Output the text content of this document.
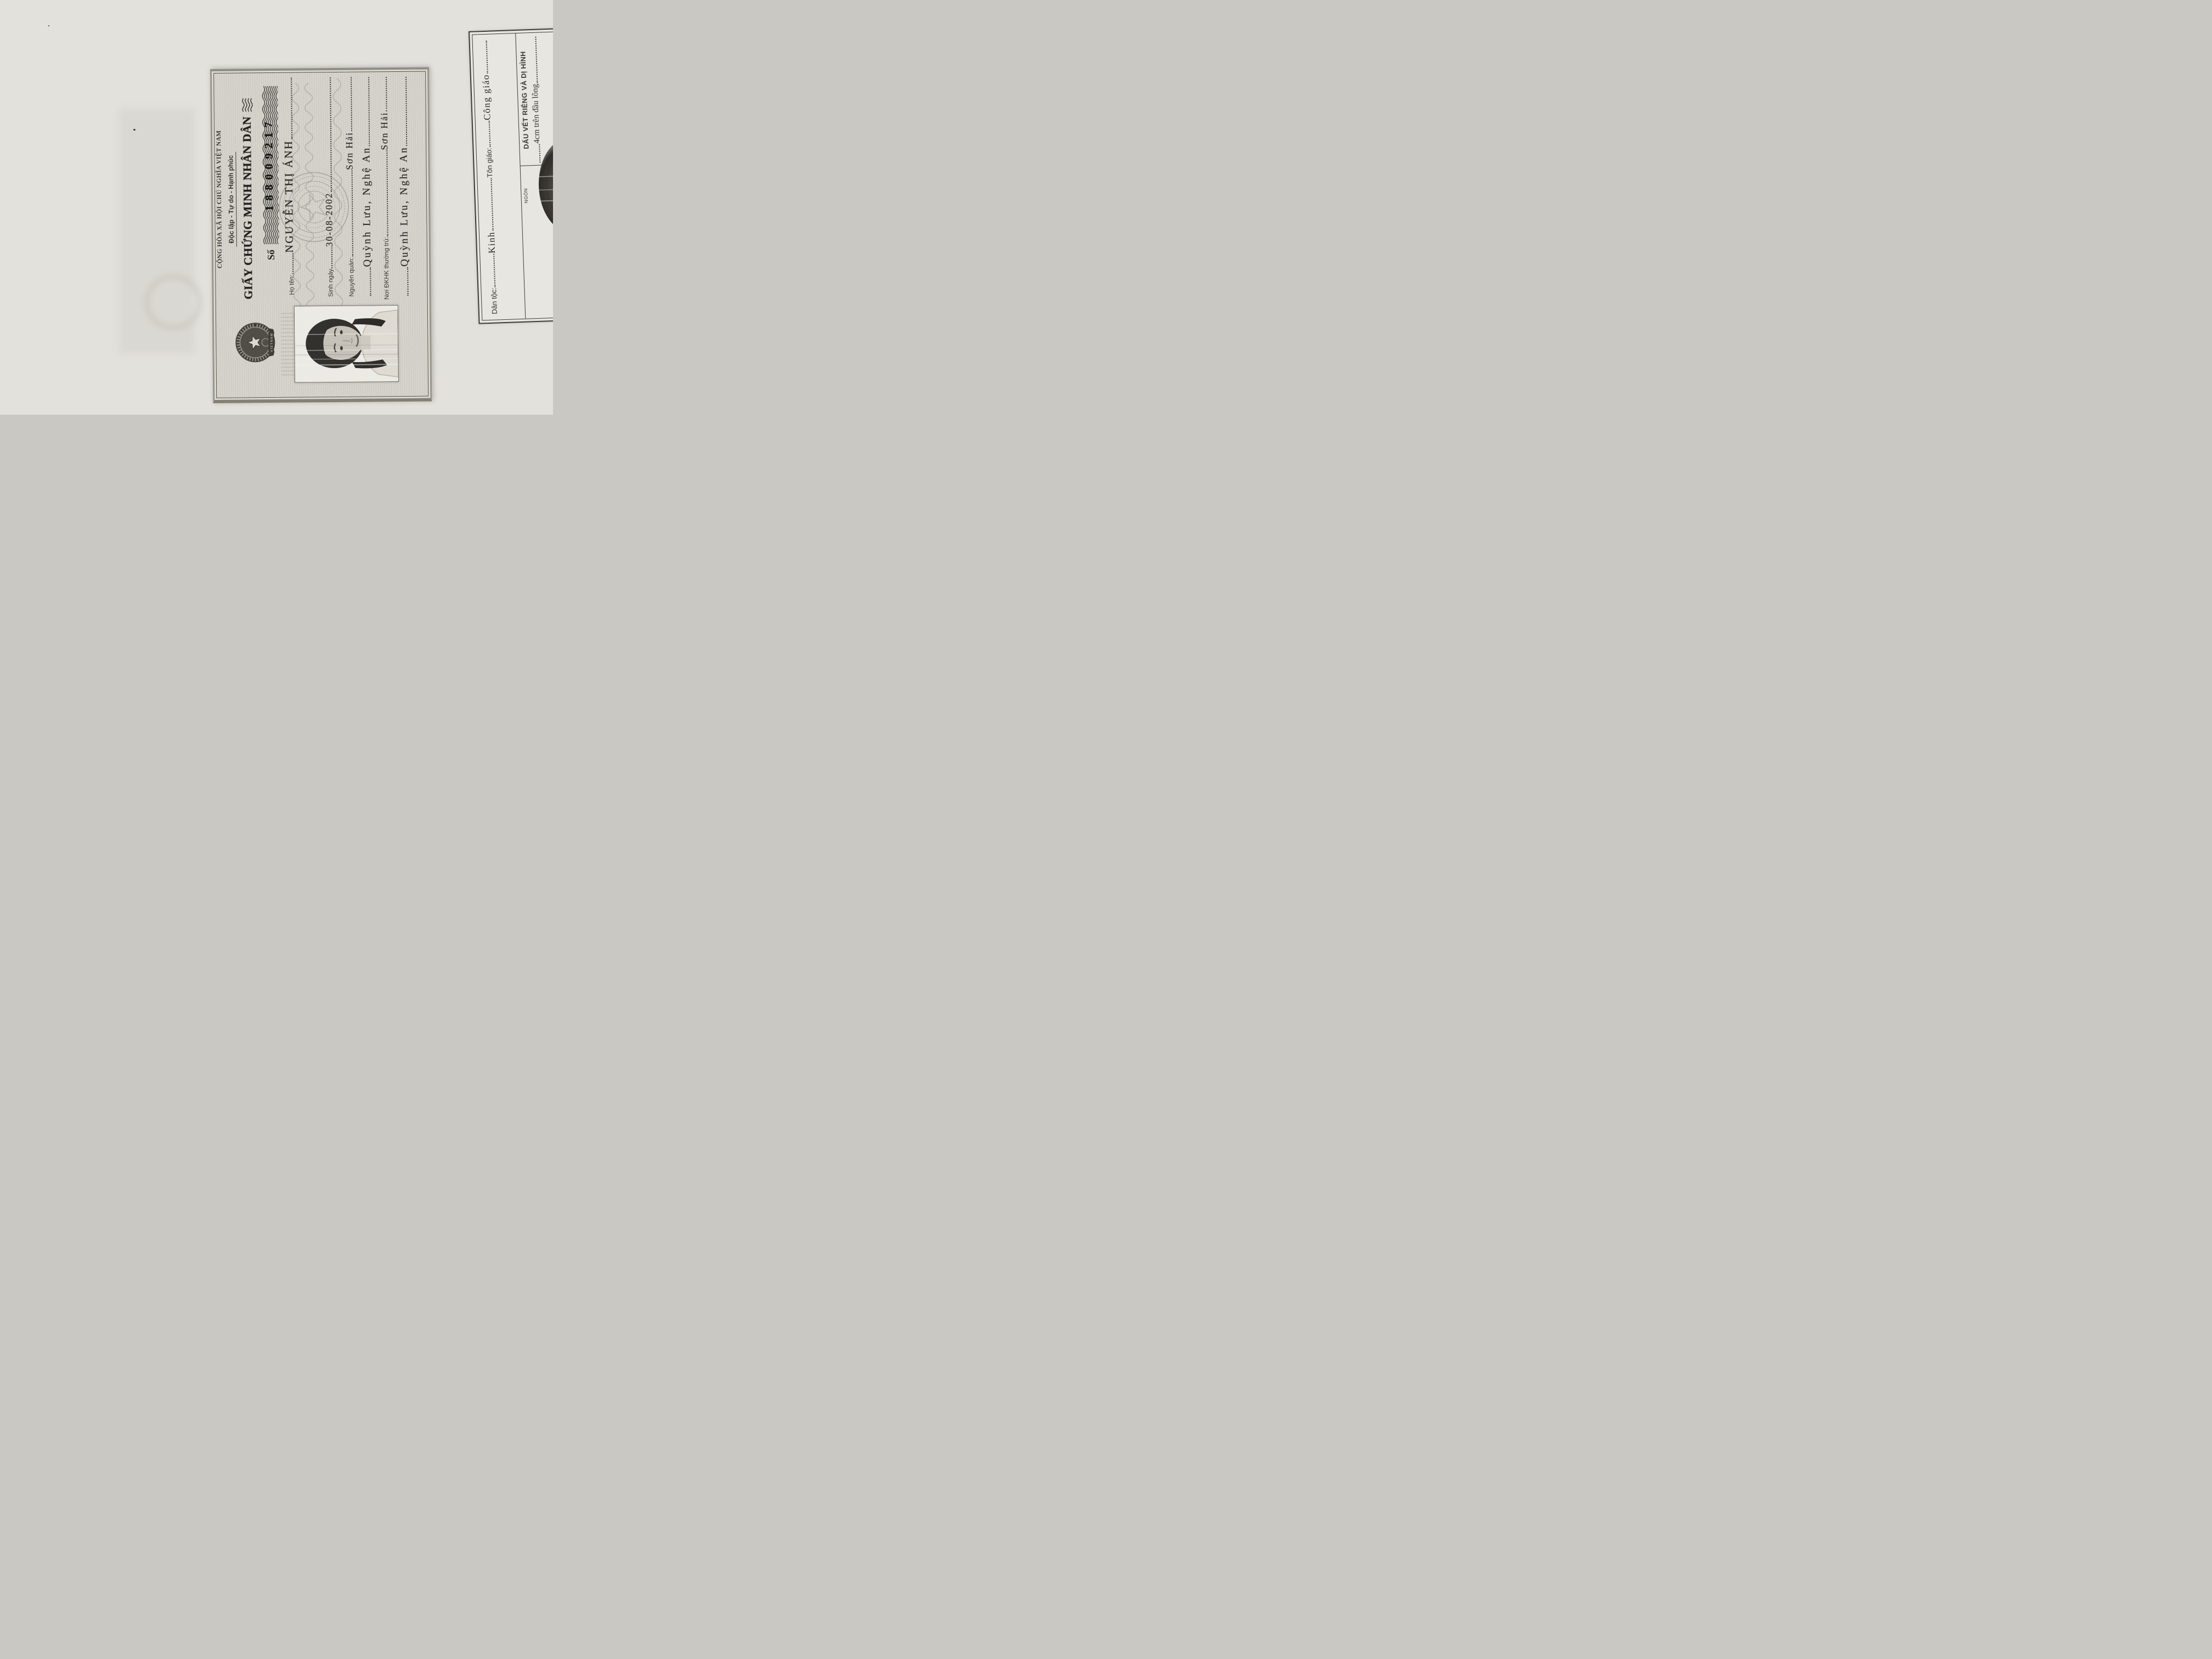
VIETNAM
CỘNG HÒA XÃ HỘI CHỦ NGHĨA VIỆT NAM Độc lập - Tự do - Hạnh phúc GIẤY CHỨNG MINH NHÂN DÂN Số
188009217
Họ tên:
NGUYỄN THỊ ÁNH
Sinh ngày
30-08-2002
Nguyên quán:
Sơn Hải Quỳnh Lưu, Nghệ An
Nơi ĐKHK thường trú:
Sơn Hải
Quỳnh Lưu, Nghệ An
Dân tộc:
Kinh
Tôn giáo:
Công giáo	DẤU VẾT RIÊNG VÀ DỊ HÌNH 4cm trên đầu lông
NGÓN
